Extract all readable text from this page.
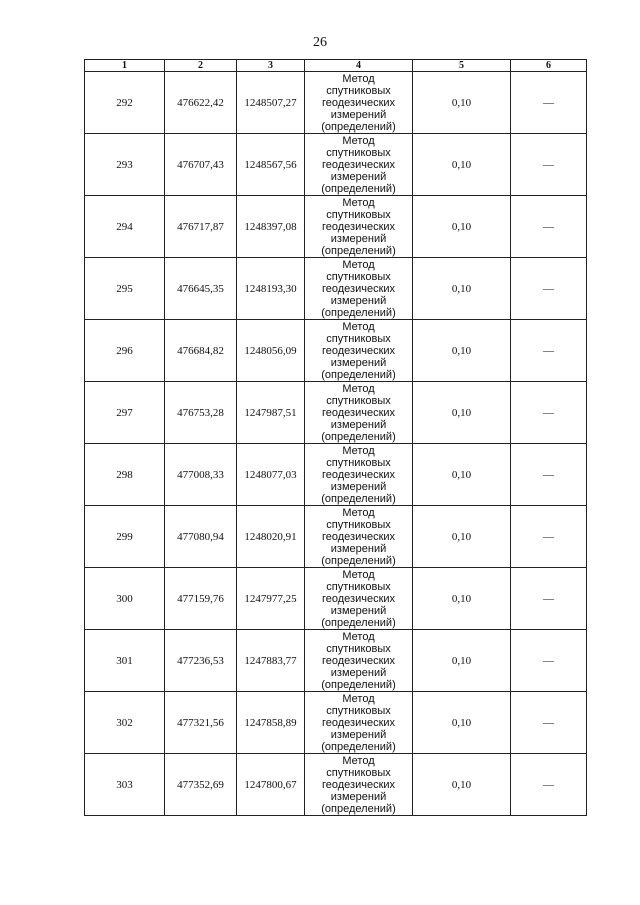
26
1	2	3	4	5	6
292	476622,42	1248507,27	Метод
спутниковых
геодезических
измерений
(определений)	0,10	—
293	476707,43	1248567,56	Метод
спутниковых
геодезических
измерений
(определений)	0,10	—
294	476717,87	1248397,08	Метод
спутниковых
геодезических
измерений
(определений)	0,10	—
295	476645,35	1248193,30	Метод
спутниковых
геодезических
измерений
(определений)	0,10	—
296	476684,82	1248056,09	Метод
спутниковых
геодезических
измерений
(определений)	0,10	—
297	476753,28	1247987,51	Метод
спутниковых
геодезических
измерений
(определений)	0,10	—
298	477008,33	1248077,03	Метод
спутниковых
геодезических
измерений
(определений)	0,10	—
299	477080,94	1248020,91	Метод
спутниковых
геодезических
измерений
(определений)	0,10	—
300	477159,76	1247977,25	Метод
спутниковых
геодезических
измерений
(определений)	0,10	—
301	477236,53	1247883,77	Метод
спутниковых
геодезических
измерений
(определений)	0,10	—
302	477321,56	1247858,89	Метод
спутниковых
геодезических
измерений
(определений)	0,10	—
303	477352,69	1247800,67	Метод
спутниковых
геодезических
измерений
(определений)	0,10	—
